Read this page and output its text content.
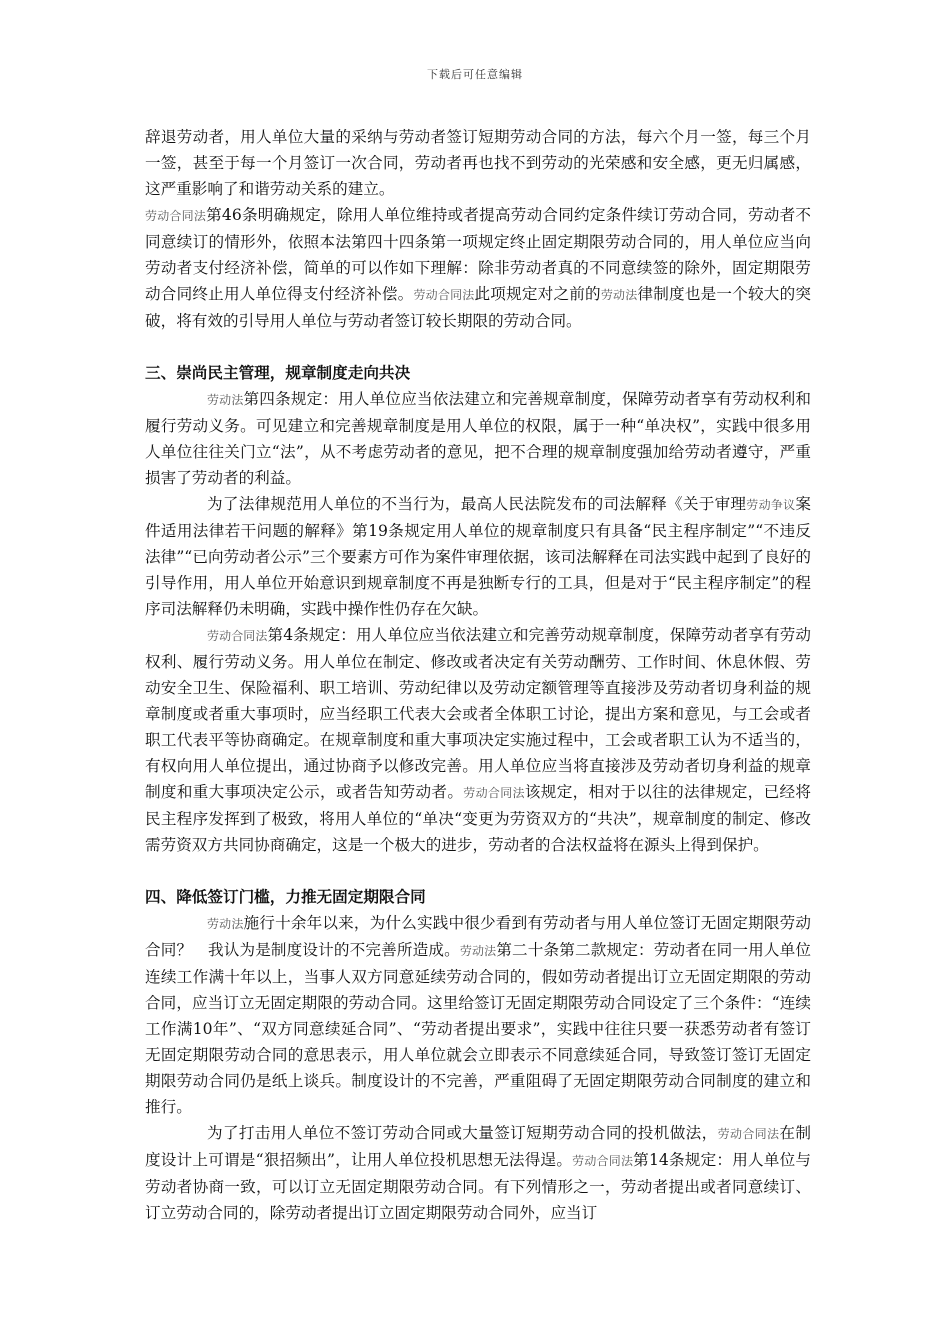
下载后可任意编辑

辞退劳动者，用人单位大量的采纳与劳动者签订短期劳动合同的方法，每六个月一签，每三个月一签，甚至于每一个月签订一次合同，劳动者再也找不到劳动的光荣感和安全感，更无归属感，这严重影响了和谐劳动关系的建立。

劳动合同法第46条明确规定，除用人单位维持或者提高劳动合同约定条件续订劳动合同，劳动者不同意续订的情形外，依照本法第四十四条第一项规定终止固定期限劳动合同的，用人单位应当向劳动者支付经济补偿，简单的可以作如下理解：除非劳动者真的不同意续签的除外，固定期限劳动合同终止用人单位得支付经济补偿。劳动合同法此项规定对之前的劳动法律制度也是一个较大的突破，将有效的引导用人单位与劳动者签订较长期限的劳动合同。

三、崇尚民主管理，规章制度走向共决

劳动法第四条规定：用人单位应当依法建立和完善规章制度，保障劳动者享有劳动权利和履行劳动义务。可见建立和完善规章制度是用人单位的权限，属于一种“单决权”，实践中很多用人单位往往关门立“法”，从不考虑劳动者的意见，把不合理的规章制度强加给劳动者遵守，严重损害了劳动者的利益。

为了法律规范用人单位的不当行为，最高人民法院发布的司法解释《关于审理劳动争议案件适用法律若干问题的解释》第19条规定用人单位的规章制度只有具备“民主程序制定”“不违反法律”“已向劳动者公示”三个要素方可作为案件审理依据，该司法解释在司法实践中起到了良好的引导作用，用人单位开始意识到规章制度不再是独断专行的工具，但是对于“民主程序制定”的程序司法解释仍未明确，实践中操作性仍存在欠缺。

劳动合同法第4条规定：用人单位应当依法建立和完善劳动规章制度，保障劳动者享有劳动权利、履行劳动义务。用人单位在制定、修改或者决定有关劳动酬劳、工作时间、休息休假、劳动安全卫生、保险福利、职工培训、劳动纪律以及劳动定额管理等直接涉及劳动者切身利益的规章制度或者重大事项时，应当经职工代表大会或者全体职工讨论，提出方案和意见，与工会或者职工代表平等协商确定。在规章制度和重大事项决定实施过程中，工会或者职工认为不适当的，有权向用人单位提出，通过协商予以修改完善。用人单位应当将直接涉及劳动者切身利益的规章制度和重大事项决定公示，或者告知劳动者。劳动合同法该规定，相对于以往的法律规定，已经将民主程序发挥到了极致，将用人单位的“单决“变更为劳资双方的“共决”，规章制度的制定、修改需劳资双方共同协商确定，这是一个极大的进步，劳动者的合法权益将在源头上得到保护。

四、降低签订门槛，力推无固定期限合同

劳动法施行十余年以来，为什么实践中很少看到有劳动者与用人单位签订无固定期限劳动合同？　我认为是制度设计的不完善所造成。劳动法第二十条第二款规定：劳动者在同一用人单位连续工作满十年以上，当事人双方同意延续劳动合同的，假如劳动者提出订立无固定期限的劳动合同，应当订立无固定期限的劳动合同。这里给签订无固定期限劳动合同设定了三个条件：“连续工作满10年”、“双方同意续延合同”、“劳动者提出要求”，实践中往往只要一获悉劳动者有签订无固定期限劳动合同的意思表示，用人单位就会立即表示不同意续延合同，导致签订签订无固定期限劳动合同仍是纸上谈兵。制度设计的不完善，严重阻碍了无固定期限劳动合同制度的建立和推行。

为了打击用人单位不签订劳动合同或大量签订短期劳动合同的投机做法，劳动合同法在制度设计上可谓是“狠招频出”，让用人单位投机思想无法得逞。劳动合同法第14条规定：用人单位与劳动者协商一致，可以订立无固定期限劳动合同。有下列情形之一，劳动者提出或者同意续订、订立劳动合同的，除劳动者提出订立固定期限劳动合同外，应当订
